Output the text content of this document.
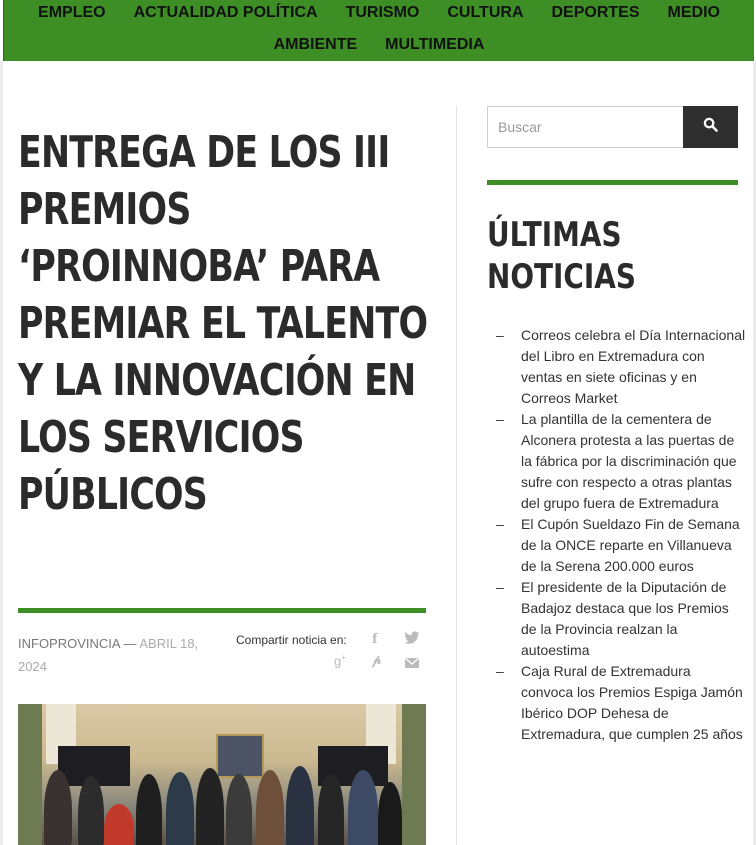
EMPLEO	ACTUALIDAD POLÍTICA	TURISMO	CULTURA	DEPORTES	MEDIO
AMBIENTE	MULTIMEDIA
ENTREGA DE LOS III PREMIOS ‘PROINNOBA’ PARA PREMIAR EL TALENTO Y LA INNOVACIÓN EN LOS SERVICIOS PÚBLICOS
INFOPROVINCIA — ABRIL 18, 2024
Compartir noticia en: f
g+ 𝓅
Buscar
ÚLTIMAS NOTICIAS
– Correos celebra el Día Internacional del Libro en Extremadura con ventas en siete oficinas y en Correos Market
– La plantilla de la cementera de Alconera protesta a las puertas de la fábrica por la discriminación que sufre con respecto a otras plantas del grupo fuera de Extremadura
– El Cupón Sueldazo Fin de Semana de la ONCE reparte en Villanueva de la Serena 200.000 euros
– El presidente de la Diputación de Badajoz destaca que los Premios de la Provincia realzan la autoestima
– Caja Rural de Extremadura convoca los Premios Espiga Jamón Ibérico DOP Dehesa de Extremadura, que cumplen 25 años
